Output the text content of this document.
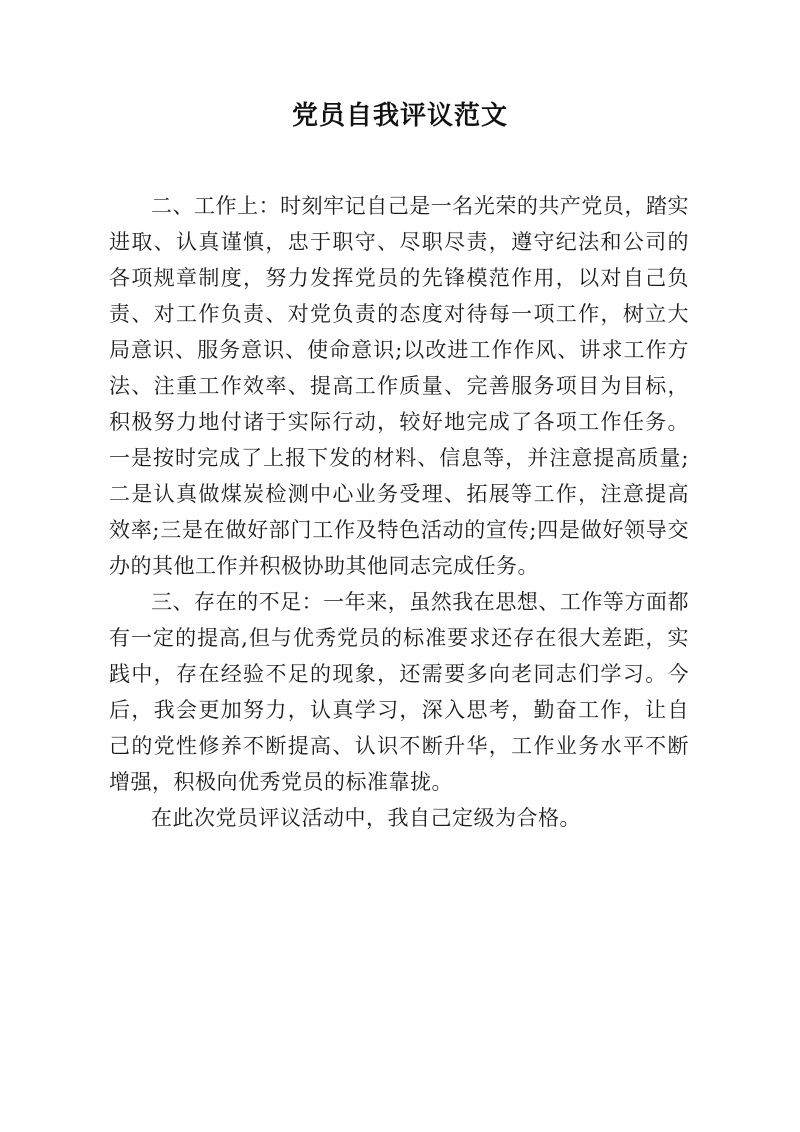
党员自我评议范文

二、工作上：时刻牢记自己是一名光荣的共产党员，踏实进取、认真谨慎，忠于职守、尽职尽责，遵守纪法和公司的各项规章制度，努力发挥党员的先锋模范作用，以对自己负责、对工作负责、对党负责的态度对待每一项工作，树立大局意识、服务意识、使命意识;以改进工作作风、讲求工作方法、注重工作效率、提高工作质量、完善服务项目为目标，积极努力地付诸于实际行动，较好地完成了各项工作任务。一是按时完成了上报下发的材料、信息等，并注意提高质量;二是认真做煤炭检测中心业务受理、拓展等工作，注意提高效率;三是在做好部门工作及特色活动的宣传;四是做好领导交办的其他工作并积极协助其他同志完成任务。

三、存在的不足：一年来，虽然我在思想、工作等方面都有一定的提高,但与优秀党员的标准要求还存在很大差距，实践中，存在经验不足的现象，还需要多向老同志们学习。今后，我会更加努力，认真学习，深入思考，勤奋工作，让自己的党性修养不断提高、认识不断升华，工作业务水平不断增强，积极向优秀党员的标准靠拢。

在此次党员评议活动中，我自己定级为合格。
